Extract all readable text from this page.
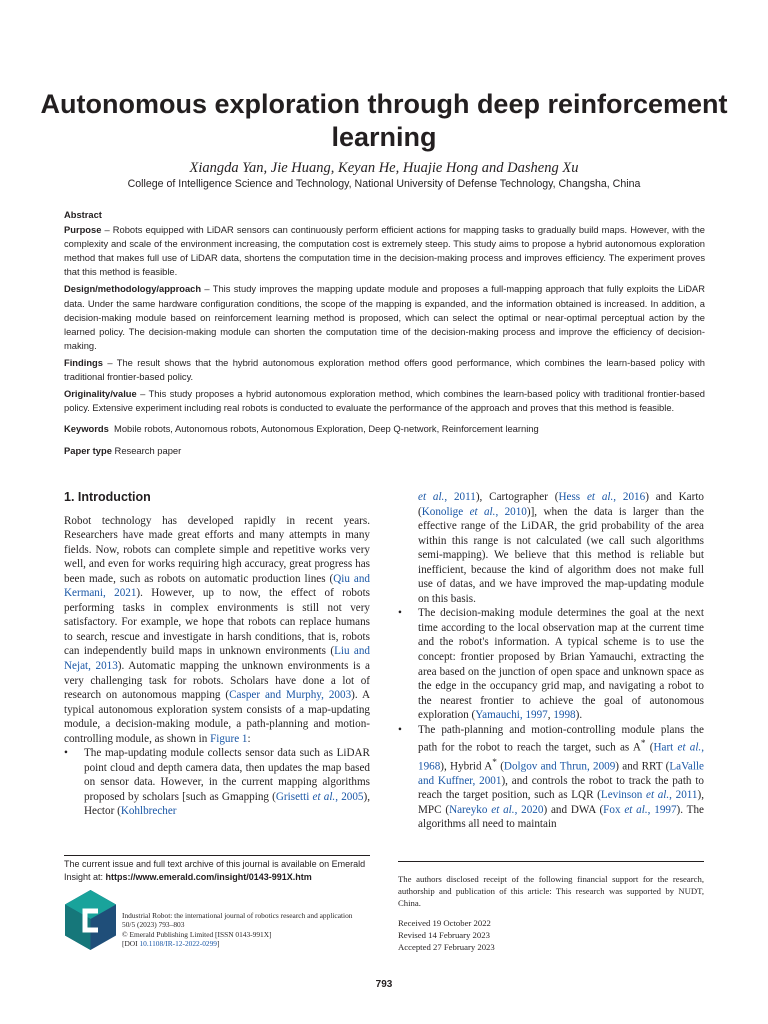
Autonomous exploration through deep reinforcement learning
Xiangda Yan, Jie Huang, Keyan He, Huajie Hong and Dasheng Xu
College of Intelligence Science and Technology, National University of Defense Technology, Changsha, China
Abstract

Purpose – Robots equipped with LiDAR sensors can continuously perform efficient actions for mapping tasks to gradually build maps. However, with the complexity and scale of the environment increasing, the computation cost is extremely steep. This study aims to propose a hybrid autonomous exploration method that makes full use of LiDAR data, shortens the computation time in the decision-making process and improves efficiency. The experiment proves that this method is feasible.

Design/methodology/approach – This study improves the mapping update module and proposes a full-mapping approach that fully exploits the LiDAR data. Under the same hardware configuration conditions, the scope of the mapping is expanded, and the information obtained is increased. In addition, a decision-making module based on reinforcement learning method is proposed, which can select the optimal or near-optimal perceptual action by the learned policy. The decision-making module can shorten the computation time of the decision-making process and improve the efficiency of decision-making.

Findings – The result shows that the hybrid autonomous exploration method offers good performance, which combines the learn-based policy with traditional frontier-based policy.

Originality/value – This study proposes a hybrid autonomous exploration method, which combines the learn-based policy with traditional frontier-based policy. Extensive experiment including real robots is conducted to evaluate the performance of the approach and proves that this method is feasible.

Keywords Mobile robots, Autonomous robots, Autonomous Exploration, Deep Q-network, Reinforcement learning
Paper type Research paper
1. Introduction

Robot technology has developed rapidly in recent years. Researchers have made great efforts and many attempts in many fields. Now, robots can complete simple and repetitive works very well, and even for works requiring high accuracy, great progress has been made, such as robots on automatic production lines (Qiu and Kermani, 2021). However, up to now, the effect of robots performing tasks in complex environments is still not very satisfactory. For example, we hope that robots can replace humans to search, rescue and investigate in harsh conditions, that is, robots can independently build maps in unknown environments (Liu and Nejat, 2013). Automatic mapping the unknown environments is a very challenging task for robots. Scholars have done a lot of research on autonomous mapping (Casper and Murphy, 2003). A typical autonomous exploration system consists of a map-updating module, a decision-making module, a path-planning and motion-controlling module, as shown in Figure 1:

• The map-updating module collects sensor data such as LiDAR point cloud and depth camera data, then updates the map based on sensor data. However, in the current mapping algorithms proposed by scholars [such as Gmapping (Grisetti et al., 2005), Hector (Kohlbrecher

et al., 2011), Cartographer (Hess et al., 2016) and Karto (Konolige et al., 2010)], when the data is larger than the effective range of the LiDAR, the grid probability of the area within this range is not calculated (we call such algorithms semi-mapping). We believe that this method is reliable but inefficient, because the kind of algorithm does not make full use of datas, and we have improved the map-updating module on this basis.

• The decision-making module determines the goal at the next time according to the local observation map at the current time and the robot's information. A typical scheme is to use the concept: frontier proposed by Brian Yamauchi, extracting the area based on the junction of open space and unknown space as the edge in the occupancy grid map, and navigating a robot to the nearest frontier to achieve the goal of autonomous exploration (Yamauchi, 1997, 1998).

• The path-planning and motion-controlling module plans the path for the robot to reach the target, such as A* (Hart et al., 1968), Hybrid A* (Dolgov and Thrun, 2009) and RRT (LaValle and Kuffner, 2001), and controls the robot to track the path to reach the target position, such as LQR (Levinson et al., 2011), MPC (Nareyko et al., 2020) and DWA (Fox et al., 1997). The algorithms all need to maintain

The current issue and full text archive of this journal is available on Emerald Insight at: https://www.emerald.com/insight/0143-991X.htm
Industrial Robot: the international journal of robotics research and application
50/5 (2023) 793–803
© Emerald Publishing Limited [ISSN 0143-991X]
[DOI 10.1108/IR-12-2022-0299]
The authors disclosed receipt of the following financial support for the research, authorship and publication of this article: This research was supported by NUDT, China.
Received 19 October 2022
Revised 14 February 2023
Accepted 27 February 2023
793
